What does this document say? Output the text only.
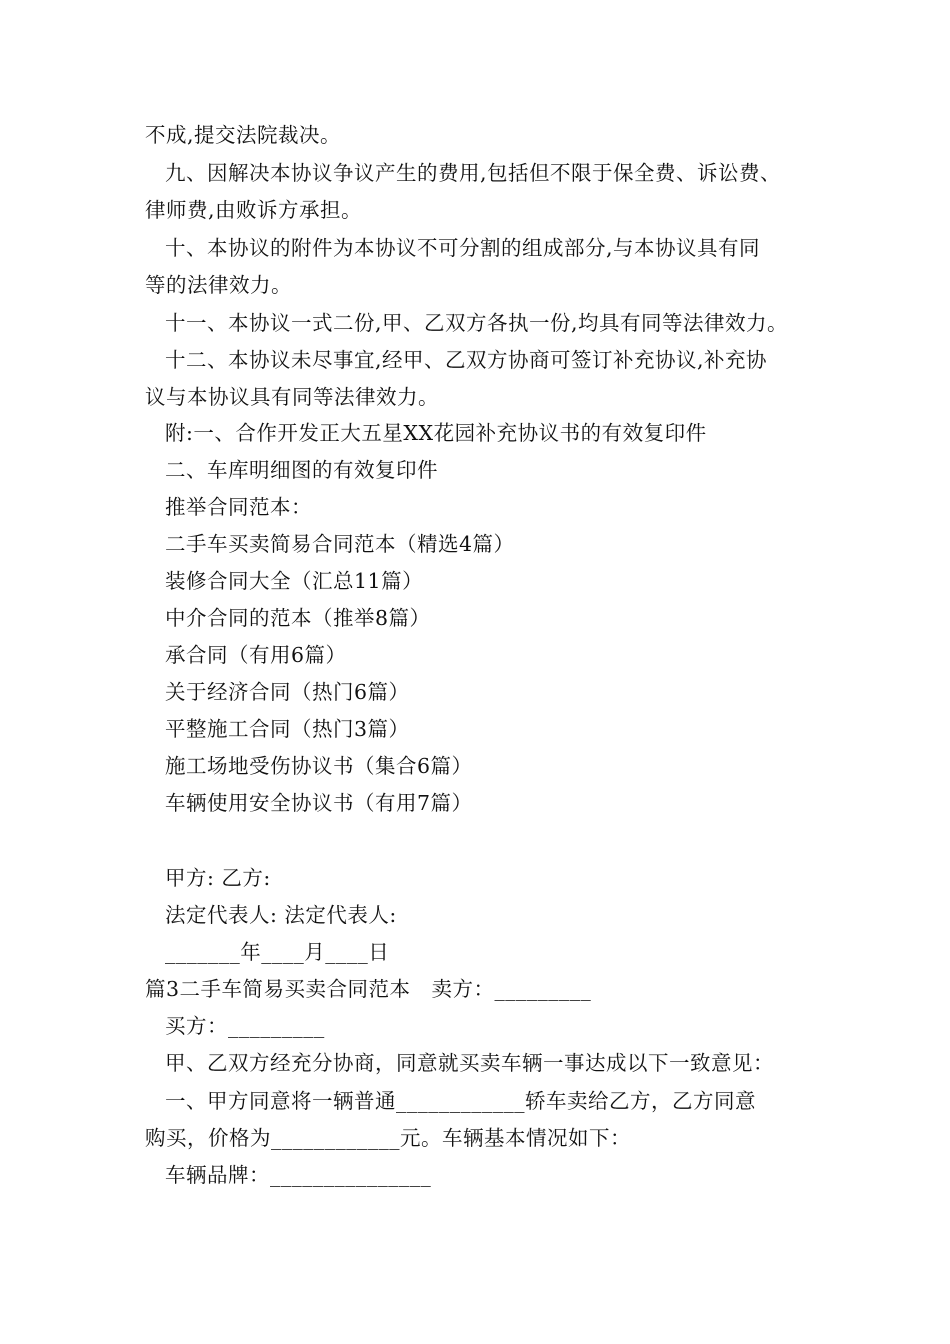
不成,提交法院裁决。
九、因解决本协议争议产生的费用,包括但不限于保全费、诉讼费、
律师费,由败诉方承担。
十、本协议的附件为本协议不可分割的组成部分,与本协议具有同
等的法律效力。
十一、本协议一式二份,甲、乙双方各执一份,均具有同等法律效力。
十二、本协议未尽事宜,经甲、乙双方协商可签订补充协议,补充协
议与本协议具有同等法律效力。
附:一、合作开发正大五星XX花园补充协议书的有效复印件
二、车库明细图的有效复印件
推举合同范本：
二手车买卖简易合同范本（精选4篇）
装修合同大全（汇总11篇）
中介合同的范本（推举8篇）
承合同（有用6篇）
关于经济合同（热门6篇）
平整施工合同（热门3篇）
施工场地受伤协议书（集合6篇）
车辆使用安全协议书（有用7篇）
甲方: 乙方:
法定代表人: 法定代表人:
_______年____月____日
篇3二手车简易买卖合同范本　卖方：_________
买方：_________
甲、乙双方经充分协商，同意就买卖车辆一事达成以下一致意见：
一、甲方同意将一辆普通____________轿车卖给乙方，乙方同意
购买，价格为____________元。车辆基本情况如下：
车辆品牌：_______________
